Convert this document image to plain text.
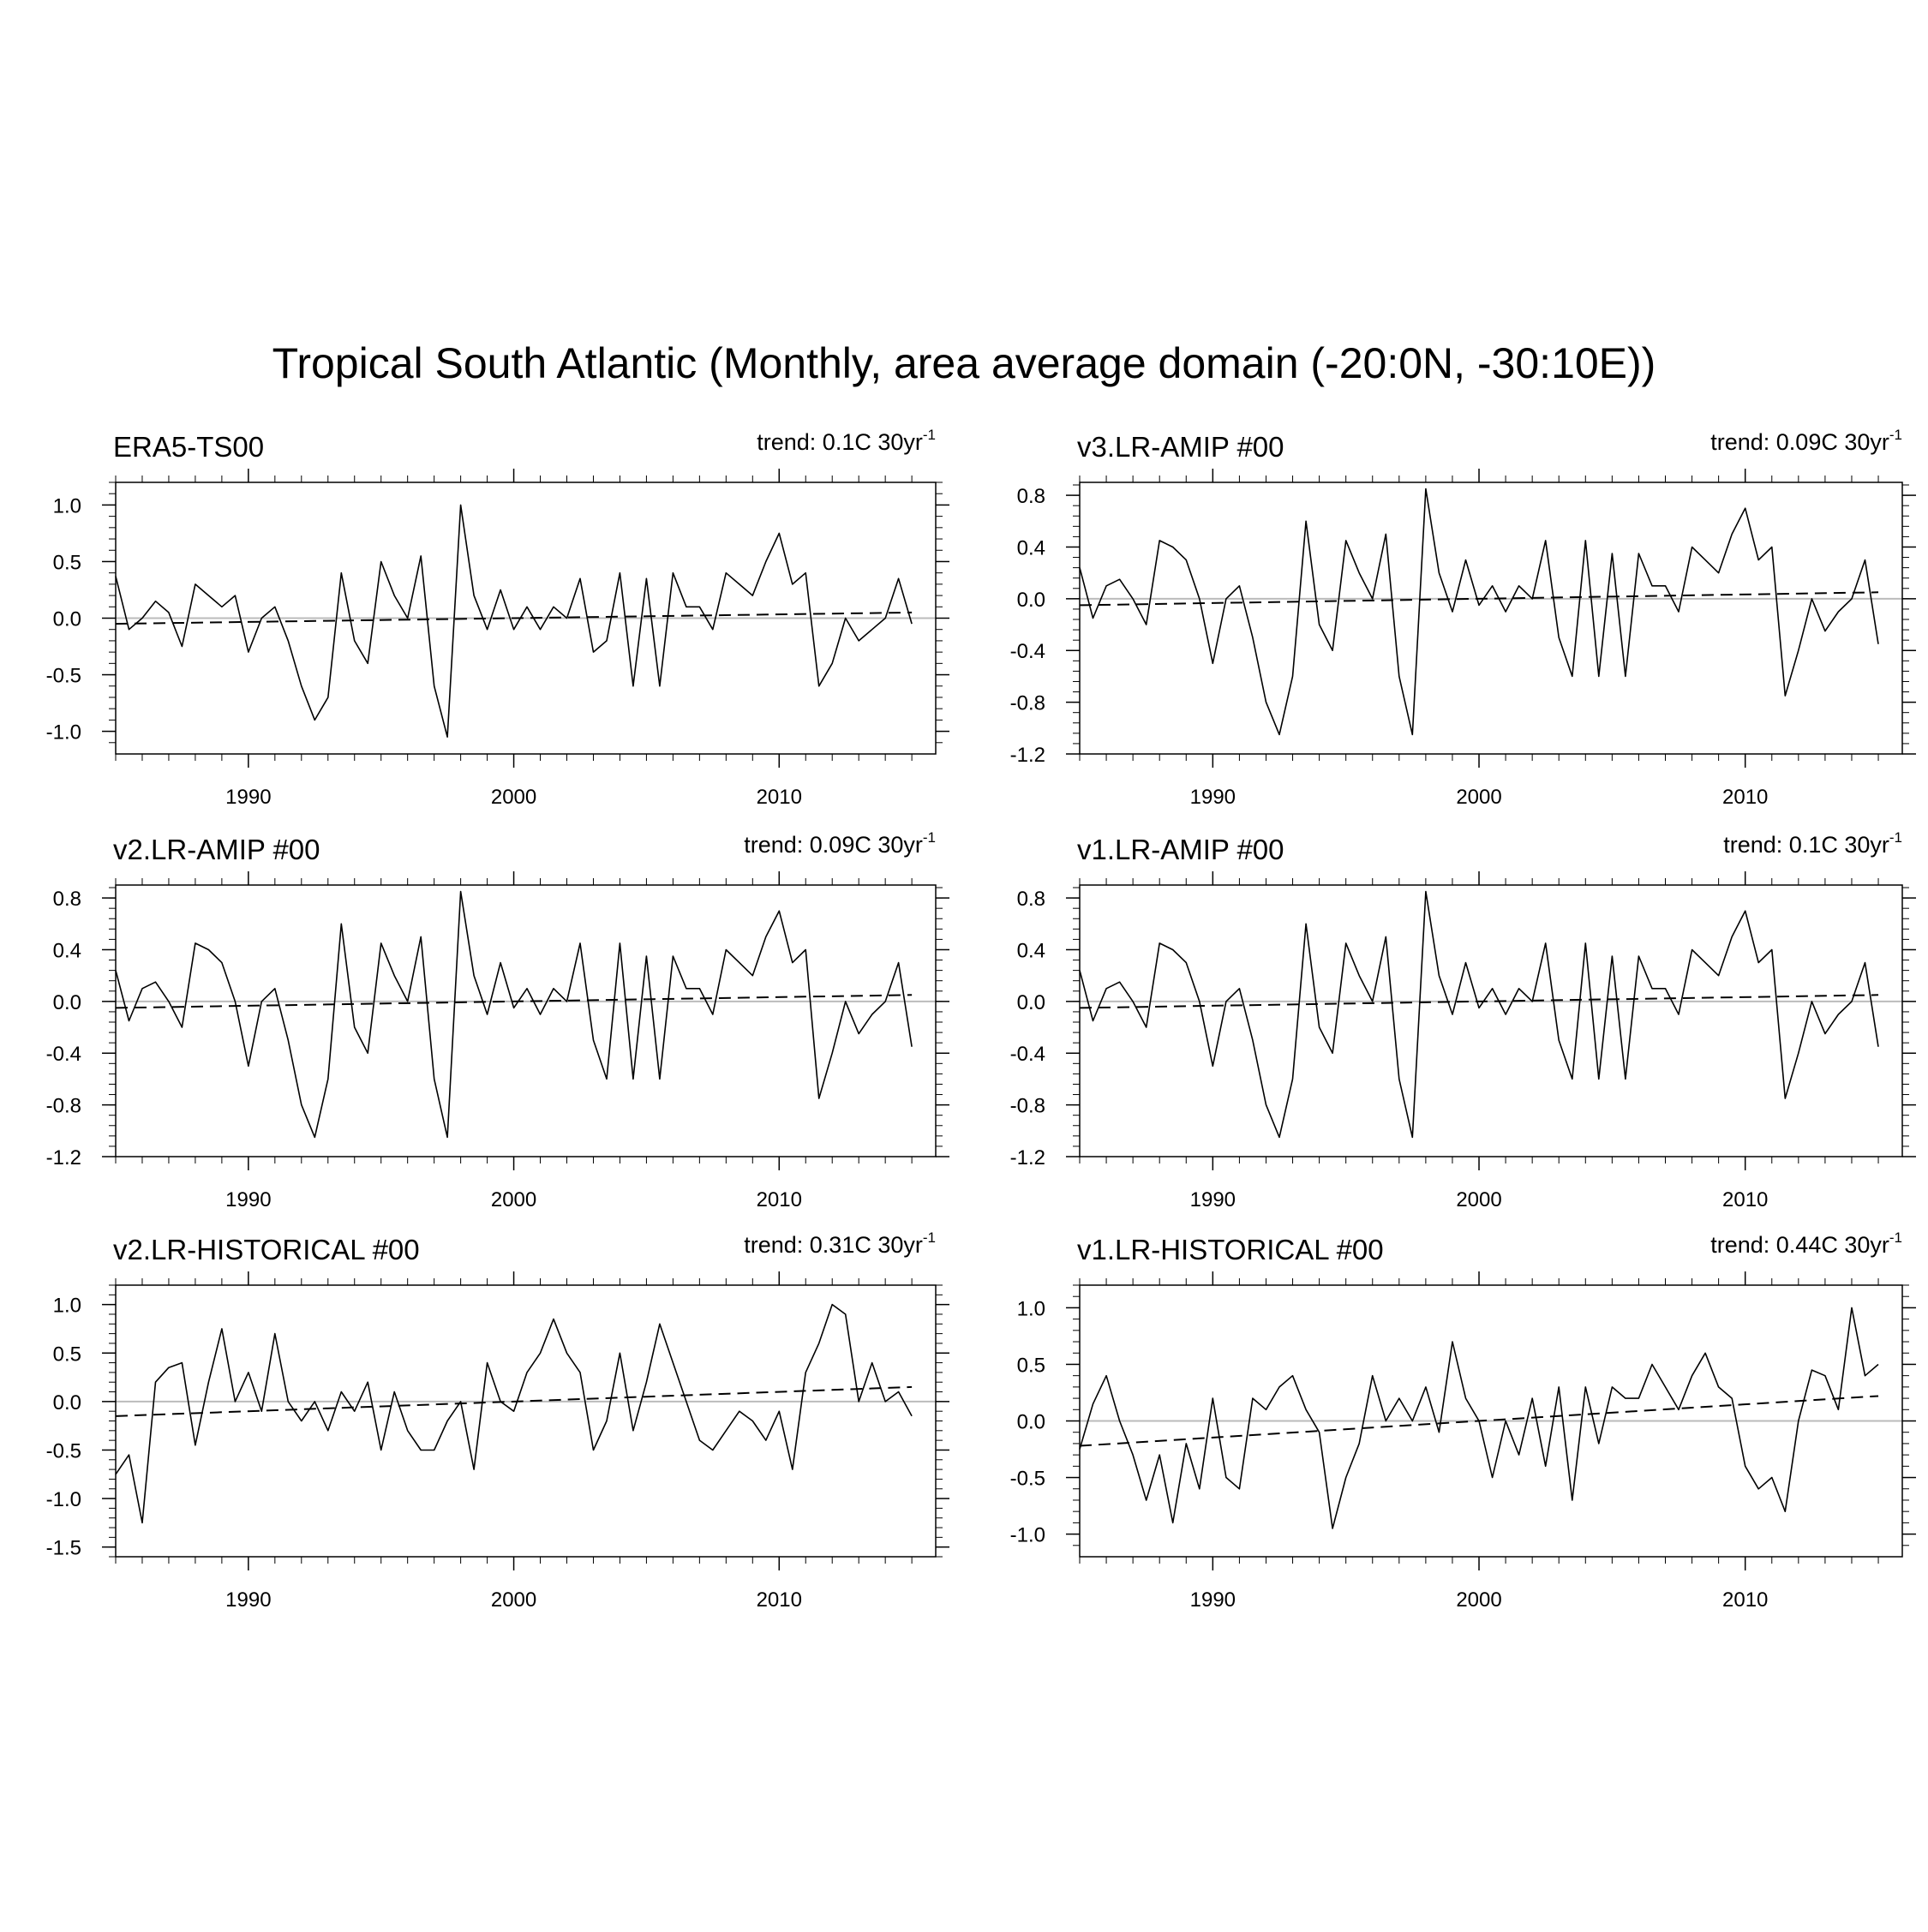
Tropical South Atlantic (Monthly, area average domain (-20:0N, -30:10E))
-1.0
-0.5
0.0
0.5
1.0
1990	2000	2010
ERA5-TS00	trend: 0.1C $30yr^{-1}$
-1.2
-0.8
-0.4
0.0
0.4
0.8
1990	2000	2010
v3.LR-AMIP #00	trend: 0.09C $30yr^{-1}$
-1.2
-0.8
-0.4
0.0
0.4
0.8
1990	2000	2010
v2.LR-AMIP #00	trend: 0.09C $30yr^{-1}$
-1.2
-0.8
-0.4
0.0
0.4
0.8
1990	2000	2010
v1.LR-AMIP #00	trend: 0.1C $30yr^{-1}$
-1.5
-1.0
-0.5
0.0
0.5
1.0
1990	2000	2010
v2.LR-HISTORICAL #00	trend: 0.31C $30yr^{-1}$
-1.0
-0.5
0.0
0.5
1.0
1990	2000	2010
v1.LR-HISTORICAL #00	trend: 0.44C $30yr^{-1}$
